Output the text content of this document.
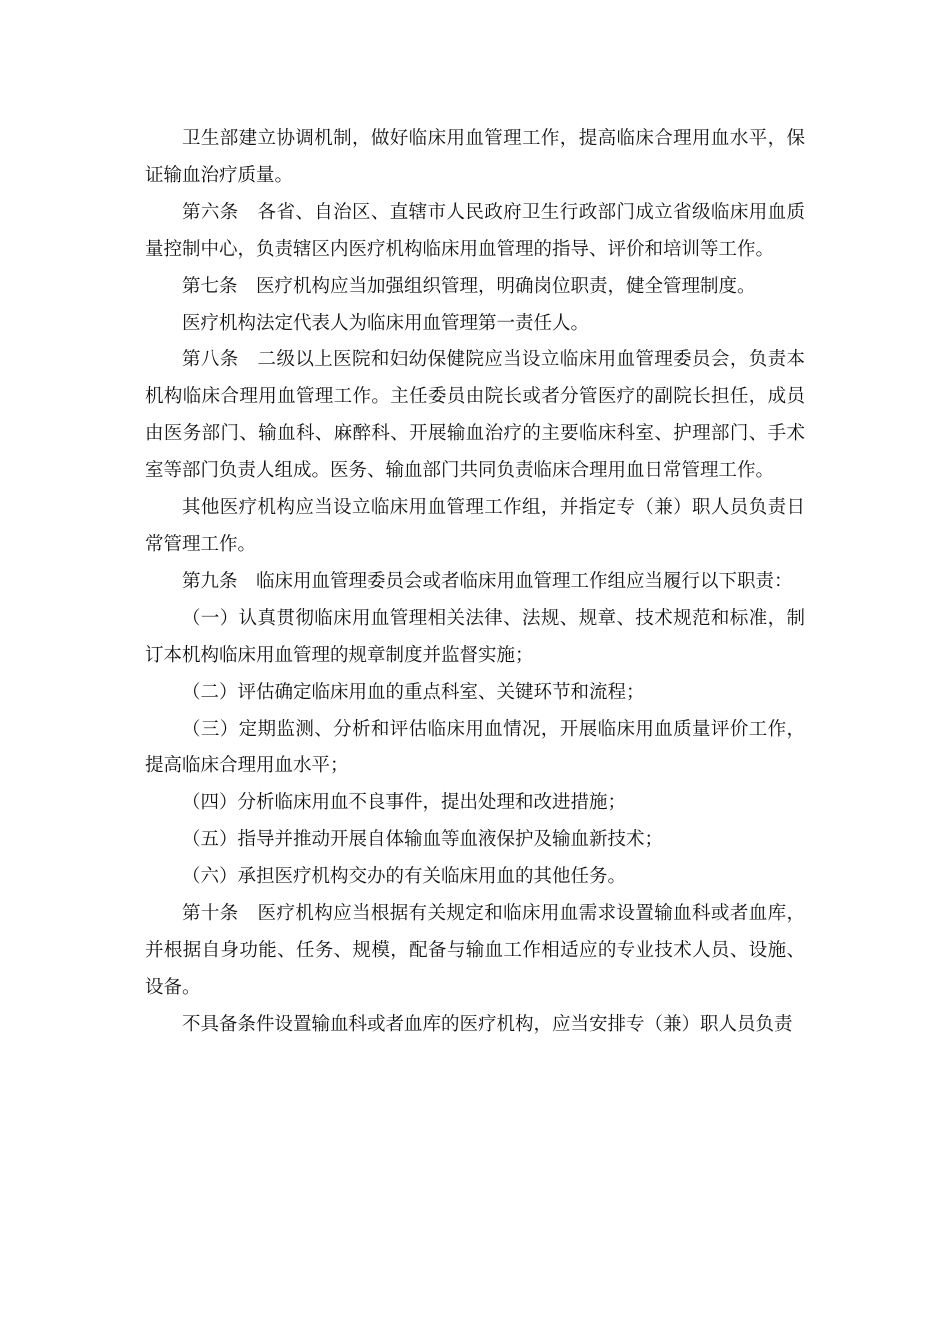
卫生部建立协调机制，做好临床用血管理工作，提高临床合理用血水平，保
证输血治疗质量。
第六条　各省、自治区、直辖市人民政府卫生行政部门成立省级临床用血质
量控制中心，负责辖区内医疗机构临床用血管理的指导、评价和培训等工作。
第七条　医疗机构应当加强组织管理，明确岗位职责，健全管理制度。
医疗机构法定代表人为临床用血管理第一责任人。
第八条　二级以上医院和妇幼保健院应当设立临床用血管理委员会，负责本
机构临床合理用血管理工作。主任委员由院长或者分管医疗的副院长担任，成员
由医务部门、输血科、麻醉科、开展输血治疗的主要临床科室、护理部门、手术
室等部门负责人组成。医务、输血部门共同负责临床合理用血日常管理工作。
其他医疗机构应当设立临床用血管理工作组，并指定专（兼）职人员负责日
常管理工作。
第九条　临床用血管理委员会或者临床用血管理工作组应当履行以下职责：
（一）认真贯彻临床用血管理相关法律、法规、规章、技术规范和标准，制
订本机构临床用血管理的规章制度并监督实施；
（二）评估确定临床用血的重点科室、关键环节和流程；
（三）定期监测、分析和评估临床用血情况，开展临床用血质量评价工作，
提高临床合理用血水平；
（四）分析临床用血不良事件，提出处理和改进措施；
（五）指导并推动开展自体输血等血液保护及输血新技术；
（六）承担医疗机构交办的有关临床用血的其他任务。
第十条　医疗机构应当根据有关规定和临床用血需求设置输血科或者血库，
并根据自身功能、任务、规模，配备与输血工作相适应的专业技术人员、设施、
设备。
不具备条件设置输血科或者血库的医疗机构，应当安排专（兼）职人员负责
